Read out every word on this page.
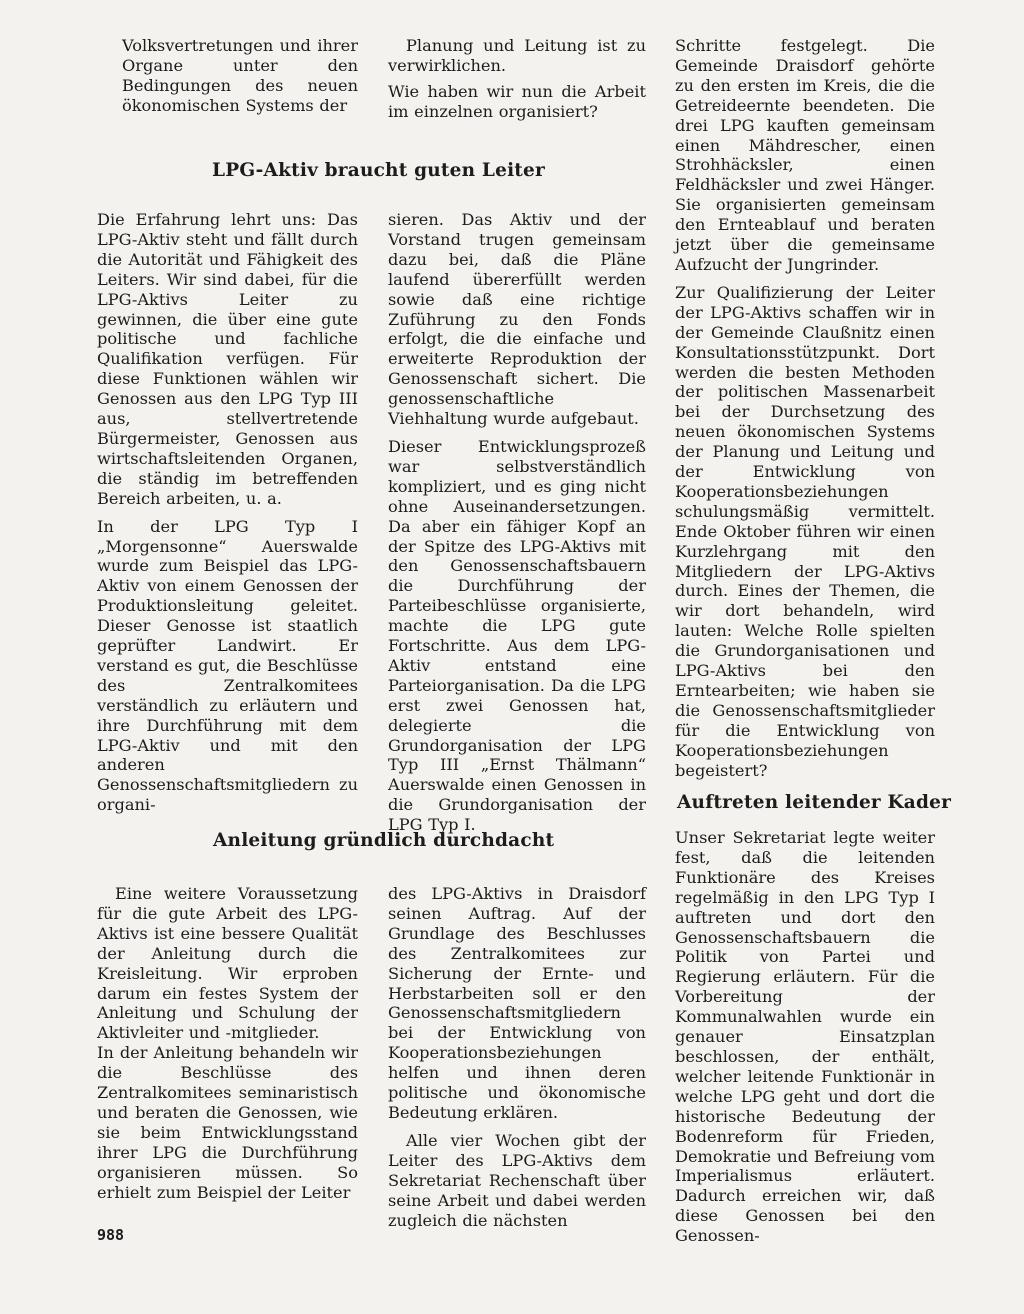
Volksvertretungen und ihrer Organe unter den Bedingungen des neuen ökonomischen Systems der

Planung und Leitung ist zu verwirklichen.

Wie haben wir nun die Arbeit im einzelnen organisiert?

LPG-Aktiv braucht guten Leiter

Die Erfahrung lehrt uns: Das LPG-Aktiv steht und fällt durch die Autorität und Fähigkeit des Leiters. Wir sind dabei, für die LPG-Aktivs Leiter zu gewinnen, die über eine gute politische und fachliche Qualifikation verfügen. Für diese Funktionen wählen wir Genossen aus den LPG Typ III aus, stellvertretende Bürgermeister, Genossen aus wirtschaftsleitenden Organen, die ständig im betreffenden Bereich arbeiten, u. a.

In der LPG Typ I „Morgensonne“ Auerswalde wurde zum Beispiel das LPG-Aktiv von einem Genossen der Produktionsleitung geleitet. Dieser Genosse ist staatlich geprüfter Landwirt. Er verstand es gut, die Beschlüsse des Zentralkomitees verständlich zu erläutern und ihre Durchführung mit dem LPG-Aktiv und mit den anderen Genossenschaftsmitgliedern zu organi-

sieren. Das Aktiv und der Vorstand trugen gemeinsam dazu bei, daß die Pläne laufend übererfüllt werden sowie daß eine richtige Zuführung zu den Fonds erfolgt, die die einfache und erweiterte Reproduktion der Genossenschaft sichert. Die genossenschaftliche Viehhaltung wurde aufgebaut.

Dieser Entwicklungsprozeß war selbstverständlich kompliziert, und es ging nicht ohne Auseinandersetzungen. Da aber ein fähiger Kopf an der Spitze des LPG-Aktivs mit den Genossenschaftsbauern die Durchführung der Parteibeschlüsse organisierte, machte die LPG gute Fortschritte. Aus dem LPG-Aktiv entstand eine Parteiorganisation. Da die LPG erst zwei Genossen hat, delegierte die Grundorganisation der LPG Typ III „Ernst Thälmann“ Auerswalde einen Genossen in die Grundorganisation der LPG Typ I.

Anleitung gründlich durchdacht

Eine weitere Voraussetzung für die gute Arbeit des LPG-Aktivs ist eine bessere Qualität der Anleitung durch die Kreisleitung. Wir erproben darum ein festes System der Anleitung und Schulung der Aktivleiter und -mitglieder.

In der Anleitung behandeln wir die Beschlüsse des Zentralkomitees seminaristisch und beraten die Genossen, wie sie beim Entwicklungsstand ihrer LPG die Durchführung organisieren müssen. So erhielt zum Beispiel der Leiter

des LPG-Aktivs in Draisdorf seinen Auftrag. Auf der Grundlage des Beschlusses des Zentralkomitees zur Sicherung der Ernte- und Herbstarbeiten soll er den Genossenschaftsmitgliedern bei der Entwicklung von Kooperationsbeziehungen helfen und ihnen deren politische und ökonomische Bedeutung erklären.

Alle vier Wochen gibt der Leiter des LPG-Aktivs dem Sekretariat Rechenschaft über seine Arbeit und dabei werden zugleich die nächsten

Schritte festgelegt. Die Gemeinde Draisdorf gehörte zu den ersten im Kreis, die die Getreideernte beendeten. Die drei LPG kauften gemeinsam einen Mähdrescher, einen Strohhäcksler, einen Feldhäcksler und zwei Hänger. Sie organisierten gemeinsam den Ernteablauf und beraten jetzt über die gemeinsame Aufzucht der Jungrinder.

Zur Qualifizierung der Leiter der LPG-Aktivs schaffen wir in der Gemeinde Claußnitz einen Konsultationsstützpunkt. Dort werden die besten Methoden der politischen Massenarbeit bei der Durchsetzung des neuen ökonomischen Systems der Planung und Leitung und der Entwicklung von Kooperationsbeziehungen schulungsmäßig vermittelt. Ende Oktober führen wir einen Kurzlehrgang mit den Mitgliedern der LPG-Aktivs durch. Eines der Themen, die wir dort behandeln, wird lauten: Welche Rolle spielten die Grundorganisationen und LPG-Aktivs bei den Erntearbeiten; wie haben sie die Genossenschaftsmitglieder für die Entwicklung von Kooperationsbeziehungen begeistert?

Auftreten leitender Kader

Unser Sekretariat legte weiter fest, daß die leitenden Funktionäre des Kreises regelmäßig in den LPG Typ I auftreten und dort den Genossenschaftsbauern die Politik von Partei und Regierung erläutern. Für die Vorbereitung der Kommunalwahlen wurde ein genauer Einsatzplan beschlossen, der enthält, welcher leitende Funktionär in welche LPG geht und dort die historische Bedeutung der Bodenreform für Frieden, Demokratie und Befreiung vom Imperialismus erläutert. Dadurch erreichen wir, daß diese Genossen bei den Genossen-

988
